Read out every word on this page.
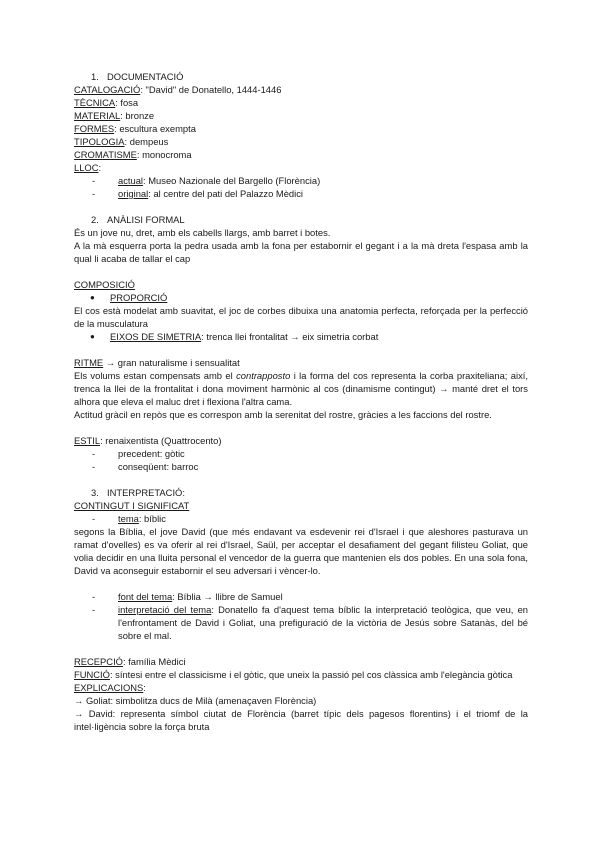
1. DOCUMENTACIÓ
CATALOGACIÓ: "David" de Donatello, 1444-1446
TÈCNICA: fosa
MATERIAL: bronze
FORMES: escultura exempta
TIPOLOGIA: dempeus
CROMATISME: monocroma
LLOC:
- actual: Museo Nazionale del Bargello (Florència)
- original: al centre del pati del Palazzo Mèdici
2. ANÀLISI FORMAL
És un jove nu, dret, amb els cabells llargs, amb barret i botes.
A la mà esquerra porta la pedra usada amb la fona per estabornir el gegant i a la mà dreta l'espasa amb la qual li acaba de tallar el cap
COMPOSICIÓ
● PROPORCIÓ
El cos està modelat amb suavitat, el joc de corbes dibuixa una anatomia perfecta, reforçada per la perfecció de la musculatura
● EIXOS DE SIMETRIA: trenca llei frontalitat → eix simetria corbat
RITME → gran naturalisme i sensualitat
Els volums estan compensats amb el contrapposto i la forma del cos representa la corba praxiteliana; així, trenca la llei de la frontalitat i dona moviment harmònic al cos (dinamisme contingut) → manté dret el tors alhora que eleva el maluc dret i flexiona l'altra cama.
Actitud gràcil en repòs que es correspon amb la serenitat del rostre, gràcies a les faccions del rostre.
ESTIL: renaixentista (Quattrocento)
- precedent: gòtic
- conseqüent: barroc
3. INTERPRETACIÓ:
CONTINGUT I SIGNIFICAT
- tema: bíblic
segons la Bíblia, el jove David (que més endavant va esdevenir rei d'Israel i que aleshores pasturava un ramat d'ovelles) es va oferir al rei d'Israel, Saül, per acceptar el desafiament del gegant filisteu Goliat, que volia decidir en una lluita personal el vencedor de la guerra que mantenien els dos pobles. En una sola fona, David va aconseguir estabornir el seu adversari i vèncer-lo.
- font del tema: Bíblia → llibre de Samuel
- interpretació del tema: Donatello fa d'aquest tema bíblic la interpretació teològica, que veu, en l'enfrontament de David i Goliat, una prefiguració de la victòria de Jesús sobre Satanàs, del bé sobre el mal.
RECEPCIÓ: família Mèdici
FUNCIÓ: síntesi entre el classicisme i el gòtic, que uneix la passió pel cos clàssica amb l'elegància gòtica
EXPLICACIONS:
→ Goliat: simbolitza ducs de Milà (amenaçaven Florència)
→ David: representa símbol ciutat de Florència (barret típic dels pagesos florentins) i el triomf de la intel·ligència sobre la força bruta
